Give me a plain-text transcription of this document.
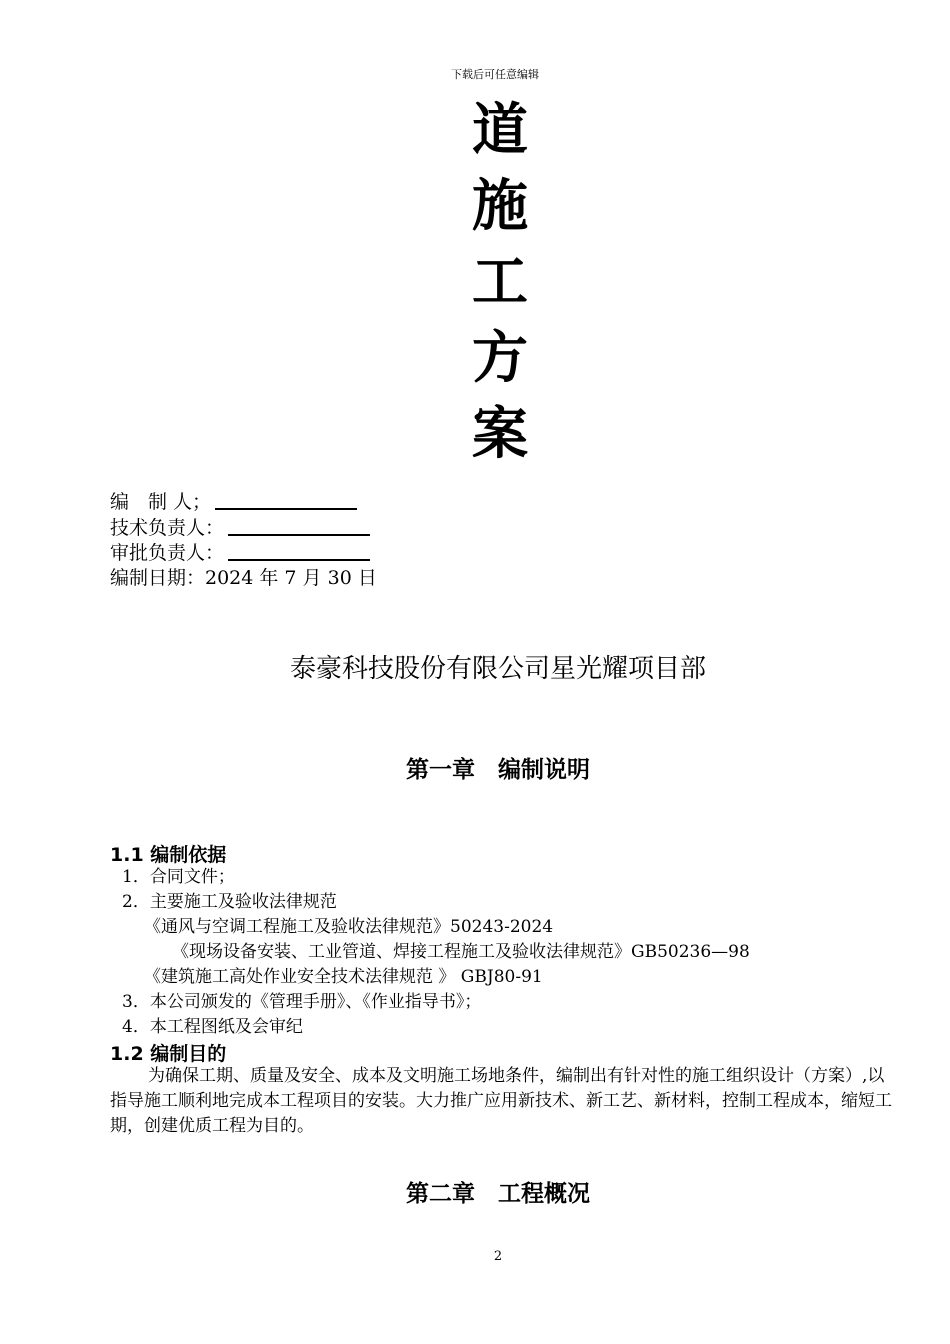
下载后可任意编辑
道
施
工
方
案
编　制 人；
技术负责人：
审批负责人：
编制日期：2024 年 7 月 30 日
泰豪科技股份有限公司星光耀项目部
第一章　编制说明
1.1 编制依据
1．合同文件；
2．主要施工及验收法律规范
《通风与空调工程施工及验收法律规范》50243-2024
《现场设备安装、工业管道、焊接工程施工及验收法律规范》GB50236—98
《建筑施工高处作业安全技术法律规范 》 GBJ80-91
3．本公司颁发的《管理手册》、《作业指导书》；
4．本工程图纸及会审纪
1.2 编制目的
为确保工期、质量及安全、成本及文明施工场地条件，编制出有针对性的施工组织设计（方案）,以指导施工顺利地完成本工程项目的安装。大力推广应用新技术、新工艺、新材料，控制工程成本，缩短工期，创建优质工程为目的。
第二章　工程概况
2
